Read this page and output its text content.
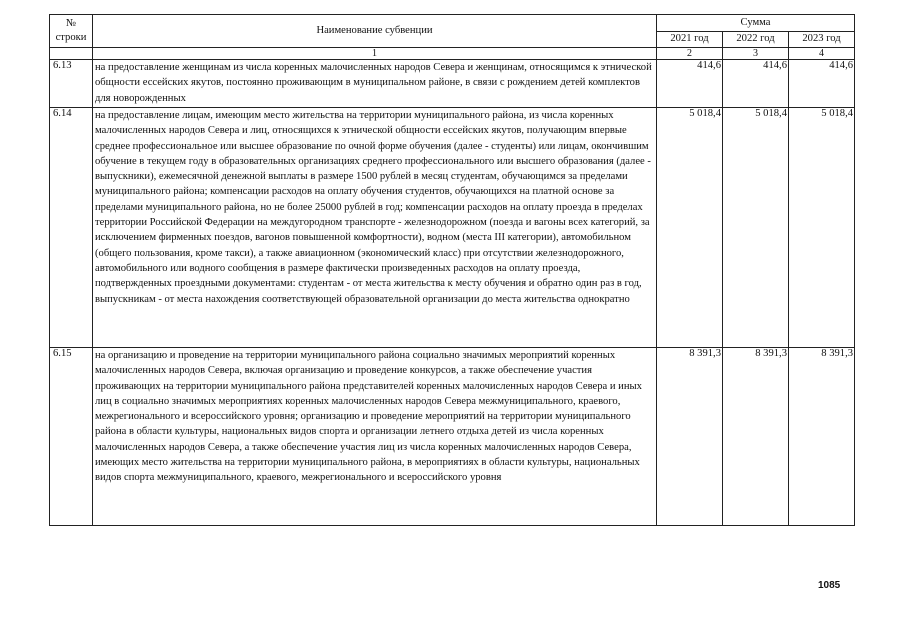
№ строки	Наименование субвенции	Сумма		
		2021 год	2022 год	2023 год
	1	2	3	4
6.13	на предоставление женщинам из числа коренных малочисленных народов Севера и женщинам, относящимся к этнической общности ессейских якутов, постоянно проживающим в муниципальном районе, в связи с рождением детей комплектов для новорожденных	414,6	414,6	414,6
6.14	на предоставление лицам, имеющим место жительства на территории муниципального района, из числа коренных малочисленных народов Севера и лиц, относящихся к этнической общности ессейских якутов, получающим впервые среднее профессиональное или высшее образование по очной форме обучения (далее - студенты) или лицам, окончившим обучение в текущем году в образовательных организациях среднего профессионального или высшего образования (далее - выпускники), ежемесячной денежной выплаты в размере 1500 рублей в месяц студентам, обучающимся за пределами муниципального района; компенсации расходов на оплату обучения студентов, обучающихся на платной основе за пределами муниципального района, но не более 25000 рублей в год; компенсации расходов на оплату проезда в пределах территории Российской Федерации на междугородном транспорте - железнодорожном (поезда и вагоны всех категорий, за исключением фирменных поездов, вагонов повышенной комфортности), водном (места III категории), автомобильном (общего пользования, кроме такси), а также авиационном (экономический класс) при отсутствии железнодорожного, автомобильного или водного сообщения в размере фактически произведенных расходов на оплату проезда, подтвержденных проездными документами: студентам - от места жительства к месту обучения и обратно один раз в год, выпускникам - от места нахождения соответствующей образовательной организации до места жительства однократно	5 018,4	5 018,4	5 018,4
6.15	на организацию и проведение на территории муниципального района социально значимых мероприятий коренных малочисленных народов Севера, включая организацию и проведение конкурсов, а также обеспечение участия проживающих на территории муниципального района представителей коренных малочисленных народов Севера и иных лиц в социально значимых мероприятиях коренных малочисленных народов Севера межмуниципального, краевого, межрегионального и всероссийского уровня; организацию и проведение мероприятий на территории муниципального района в области культуры, национальных видов спорта и организации летнего отдыха детей из числа коренных малочисленных народов Севера, а также обеспечение участия лиц из числа коренных малочисленных народов Севера, имеющих место жительства на территории муниципального района, в мероприятиях в области культуры, национальных видов спорта межмуниципального, краевого, межрегионального и всероссийского уровня	8 391,3	8 391,3	8 391,3
1085
